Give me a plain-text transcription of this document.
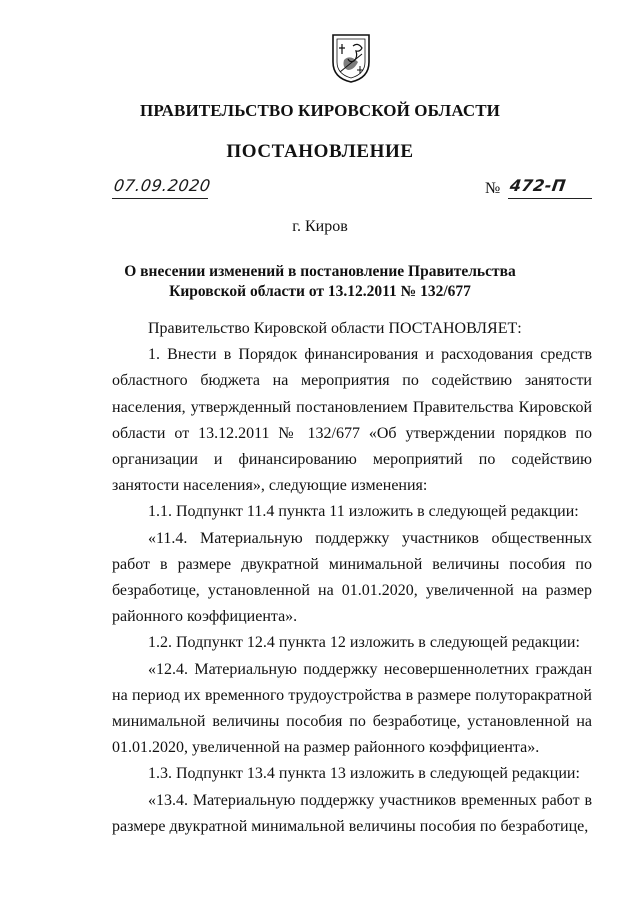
ПРАВИТЕЛЬСТВО КИРОВСКОЙ ОБЛАСТИ
ПОСТАНОВЛЕНИЕ
07.09.2020	№ 472-П
г. Киров
О внесении изменений в постановление Правительства
Кировской области от 13.12.2011 № 132/677

Правительство Кировской области ПОСТАНОВЛЯЕТ:

1. Внести в Порядок финансирования и расходования средств областного бюджета на мероприятия по содействию занятости населения, утвержденный постановлением Правительства Кировской области от 13.12.2011 № 132/677 «Об утверждении порядков по организации и финансированию мероприятий по содействию занятости населения», следующие изменения:

1.1. Подпункт 11.4 пункта 11 изложить в следующей редакции:

«11.4. Материальную поддержку участников общественных работ в размере двукратной минимальной величины пособия по безработице, установленной на 01.01.2020, увеличенной на размер районного коэффициента».

1.2. Подпункт 12.4 пункта 12 изложить в следующей редакции:

«12.4. Материальную поддержку несовершеннолетних граждан на период их временного трудоустройства в размере полуторакратной минимальной величины пособия по безработице, установленной на 01.01.2020, увеличенной на размер районного коэффициента».

1.3. Подпункт 13.4 пункта 13 изложить в следующей редакции:

«13.4. Материальную поддержку участников временных работ в размере двукратной минимальной величины пособия по безработице,
